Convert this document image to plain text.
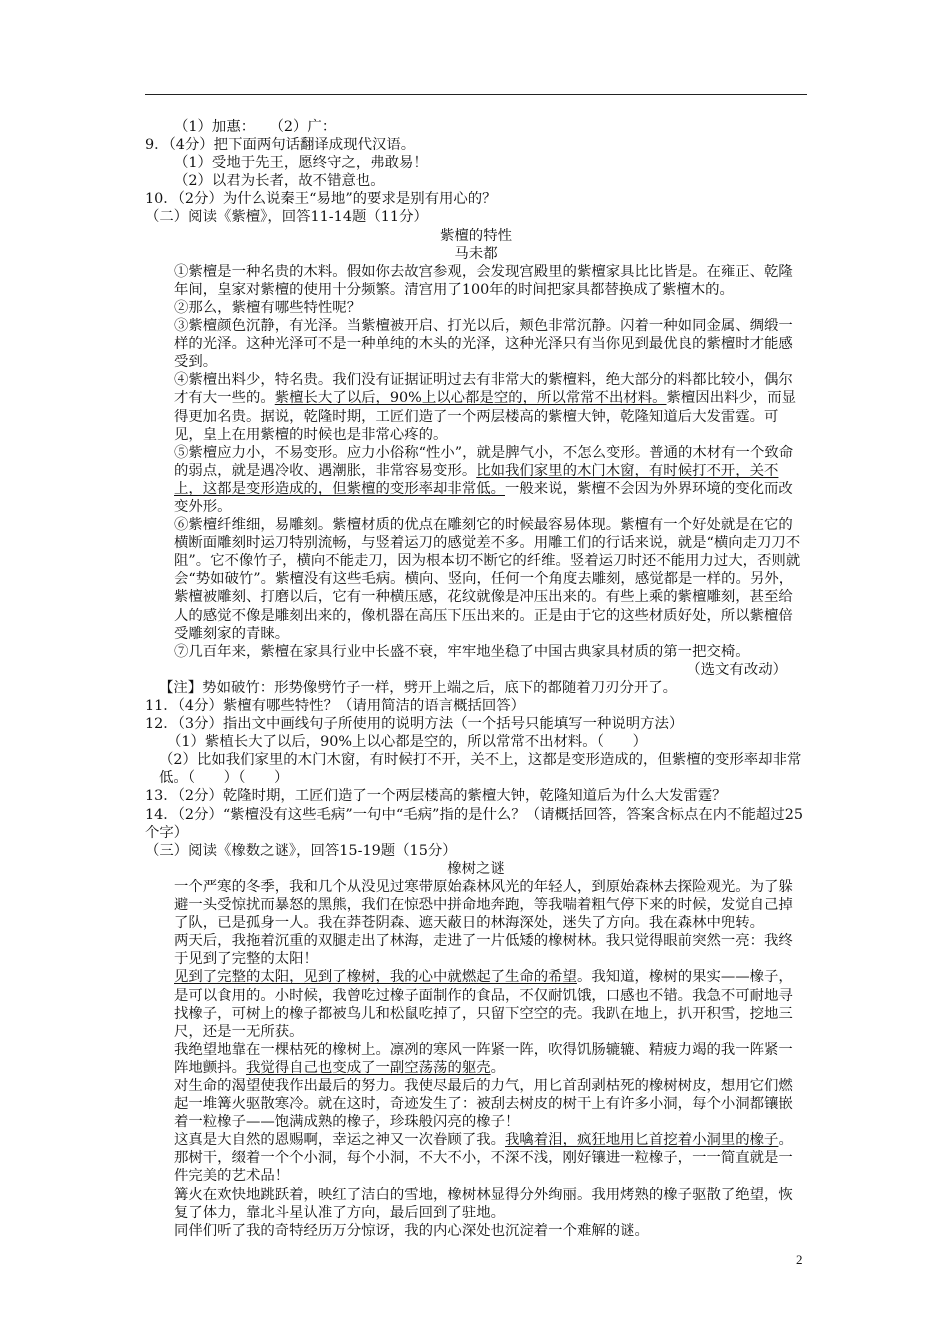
（1）加惠：　　（2）广：

9．（4分）把下面两句话翻译成现代汉语。

（1）受地于先王，愿终守之，弗敢易！

（2）以君为长者，故不错意也。

10．（2分）为什么说秦王“易地”的要求是别有用心的？

（二）阅读《紫檀》，回答11-14题（11分）

紫檀的特性

马未都

①紫檀是一种名贵的木料。假如你去故宫参观，会发现宫殿里的紫檀家具比比皆是。在雍正、乾隆年间，皇家对紫檀的使用十分频繁。清宫用了100年的时间把家具都替换成了紫檀木的。

②那么，紫檀有哪些特性呢？

③紫檀颜色沉静，有光泽。当紫檀被开启、打光以后，颊色非常沉静。闪着一种如同金属、绸缎一样的光泽。这种光泽可不是一种单纯的木头的光泽，这种光泽只有当你见到最优良的紫檀时才能感受到。

④紫檀出料少，特名贵。我们没有证据证明过去有非常大的紫檀料，绝大部分的料都比较小，偶尔才有大一些的。紫檀长大了以后，90%上以心都是空的，所以常常不出材料。紫檀因出料少，而显得更加名贵。据说，乾隆时期，工匠们造了一个两层楼高的紫檀大钟，乾隆知道后大发雷霆。可见，皇上在用紫檀的时候也是非常心疼的。

⑤紫檀应力小，不易变形。应力小俗称“性小”，就是脾气小，不怎么变形。普通的木材有一个致命的弱点，就是遇冷收、遇潮胀，非常容易变形。比如我们家里的木门木窗，有时候打不开，关不上，这都是变形造成的，但紫檀的变形率却非常低。一般来说，紫檀不会因为外界环境的变化而改变外形。

⑥紫檀纤维细，易雕刻。紫檀材质的优点在雕刻它的时候最容易体现。紫檀有一个好处就是在它的横断面雕刻时运刀特别流畅，与竖着运刀的感觉差不多。用雕工们的行话来说，就是“横向走刀刀不阻”。它不像竹子，横向不能走刀，因为根本切不断它的纤维。竖着运刀时还不能用力过大，否则就会“势如破竹”。紫檀没有这些毛病。横向、竖向，任何一个角度去雕刻，感觉都是一样的。另外，紫檀被雕刻、打磨以后，它有一种横压感，花纹就像是冲压出来的。有些上乘的紫檀雕刻，甚至给人的感觉不像是雕刻出来的，像机器在高压下压出来的。正是由于它的这些材质好处，所以紫檀倍受雕刻家的青睐。

⑦几百年来，紫檀在家具行业中长盛不衰，牢牢地坐稳了中国古典家具材质的第一把交椅。

（选文有改动）

【注】势如破竹：形势像劈竹子一样，劈开上端之后，底下的都随着刀刃分开了。

11．（4分）紫檀有哪些特性？（请用简洁的语言概括回答）

12．（3分）指出文中画线句子所使用的说明方法（一个括号只能填写一种说明方法）

（1）紫植长大了以后，90%上以心都是空的，所以常常不出材料。（　　）

（2）比如我们家里的木门木窗，有时候打不开，关不上，这都是变形造成的，但紫檀的变形率却非常低。（　　）（　　）

13．（2分）乾隆时期，工匠们造了一个两层楼高的紫檀大钟，乾隆知道后为什么大发雷霆？

14．（2分）“紫檀没有这些毛病”一句中“毛病”指的是什么？（请概括回答，答案含标点在内不能超过25个字）

（三）阅读《橡数之谜》，回答15-19题（15分）

橡树之谜

一个严寒的冬季，我和几个从没见过寒带原始森林风光的年轻人，到原始森林去探险观光。为了躲避一头受惊扰而暴怒的黑熊，我们在惊恐中拼命地奔跑，等我喘着粗气停下来的时候，发觉自己掉了队，已是孤身一人。我在莽苍阴森、遮天蔽日的林海深处，迷失了方向。我在森林中兜转。

两天后，我拖着沉重的双腿走出了林海，走进了一片低矮的橡树林。我只觉得眼前突然一亮：我终于见到了完整的太阳！

见到了完整的太阳，见到了橡树，我的心中就燃起了生命的希望。我知道，橡树的果实——橡子，是可以食用的。小时候，我曾吃过橡子面制作的食品，不仅耐饥饿，口感也不错。我急不可耐地寻找橡子，可树上的橡子都被鸟儿和松鼠吃掉了，只留下空空的壳。我趴在地上，扒开积雪，挖地三尺，还是一无所获。

我绝望地靠在一棵枯死的橡树上。凛冽的寒风一阵紧一阵，吹得饥肠辘辘、精疲力竭的我一阵紧一阵地颤抖。我觉得自己也变成了一副空荡荡的躯壳。

对生命的渴望使我作出最后的努力。我使尽最后的力气，用匕首刮剥枯死的橡树树皮，想用它们燃起一堆篝火驱散寒冷。就在这时，奇迹发生了：被刮去树皮的树干上有许多小洞，每个小洞都镶嵌着一粒橡子——饱满成熟的橡子，珍珠般闪亮的橡子！

这真是大自然的恩赐啊，幸运之神又一次眷顾了我。我噙着泪，疯狂地用匕首挖着小洞里的橡子。那树干，缀着一个个小洞，每个小洞，不大不小，不深不浅，刚好镶进一粒橡子，一一简直就是一件完美的艺术品！

篝火在欢快地跳跃着，映红了洁白的雪地，橡树林显得分外绚丽。我用烤熟的橡子驱散了绝望，恢复了体力，靠北斗星认准了方向，最后回到了驻地。

同伴们听了我的奇特经历万分惊讶，我的内心深处也沉淀着一个难解的谜。

2
